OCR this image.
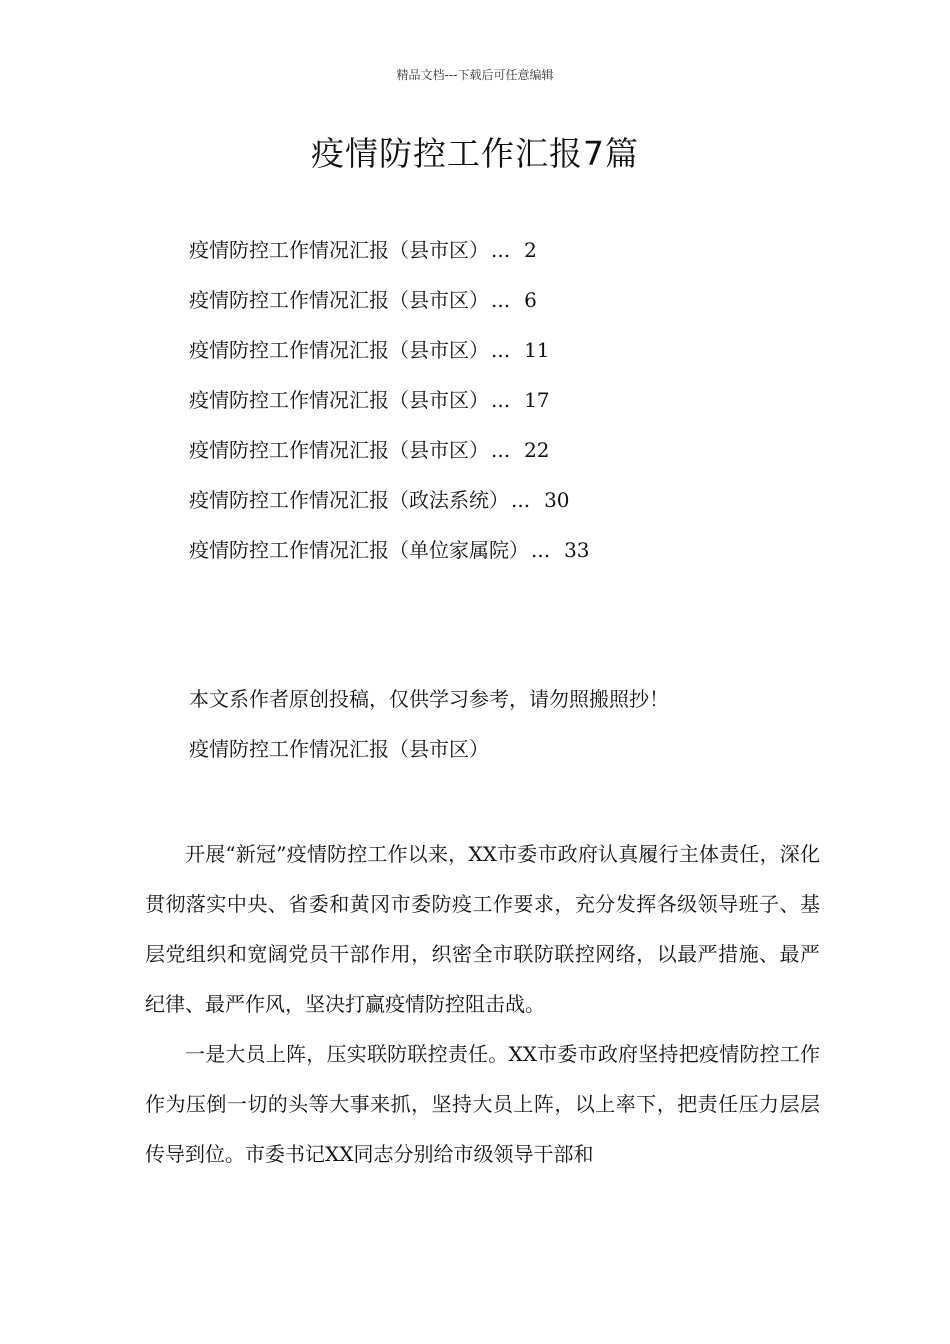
精品文档---下载后可任意编辑
疫情防控工作汇报7篇
疫情防控工作情况汇报（县市区） ... 2
疫情防控工作情况汇报（县市区） ... 6
疫情防控工作情况汇报（县市区） ... 11
疫情防控工作情况汇报（县市区） ... 17
疫情防控工作情况汇报（县市区） ... 22
疫情防控工作情况汇报（政法系统） ... 30
疫情防控工作情况汇报（单位家属院） ... 33
本文系作者原创投稿，仅供学习参考，请勿照搬照抄！
疫情防控工作情况汇报（县市区）

开展“新冠”疫情防控工作以来，XX市委市政府认真履行主体责任，深化贯彻落实中央、省委和黄冈市委防疫工作要求，充分发挥各级领导班子、基层党组织和宽阔党员干部作用，织密全市联防联控网络，以最严措施、最严纪律、最严作风，坚决打赢疫情防控阻击战。

一是大员上阵，压实联防联控责任。XX市委市政府坚持把疫情防控工作作为压倒一切的头等大事来抓，坚持大员上阵，以上率下，把责任压力层层传导到位。市委书记XX同志分别给市级领导干部和
